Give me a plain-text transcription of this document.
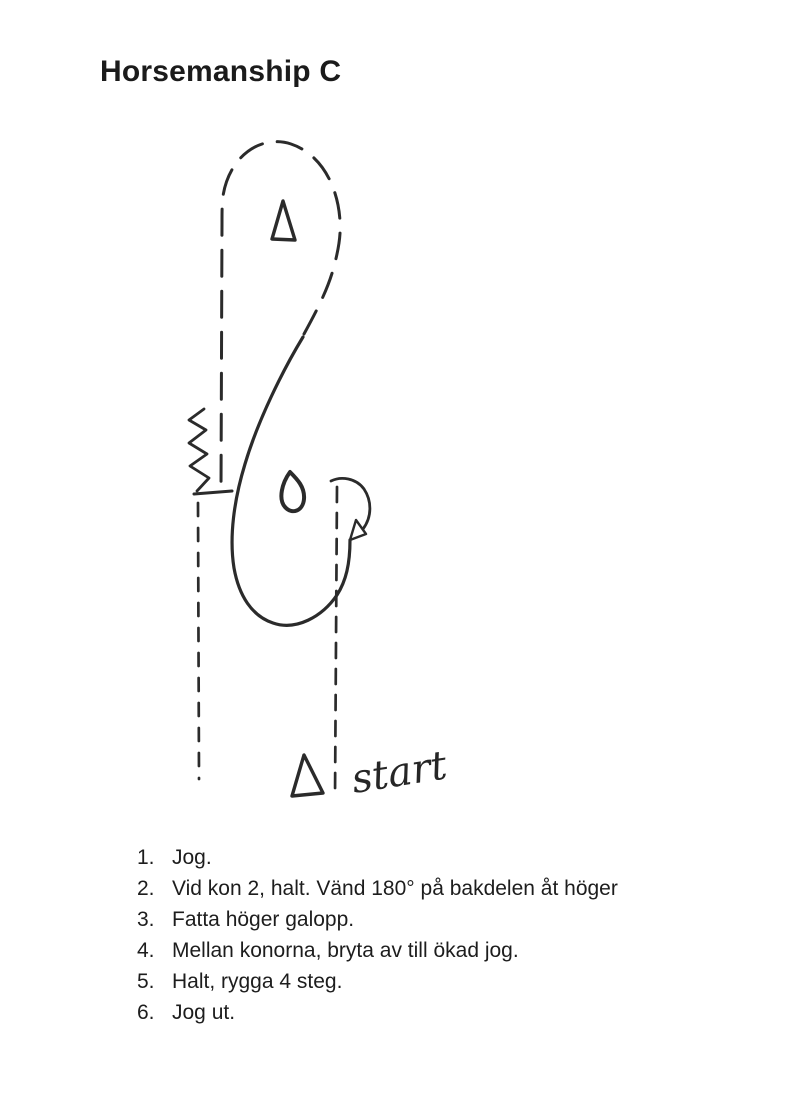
Horsemanship C
start
1. Jog.
2. Vid kon 2, halt. Vänd 180° på bakdelen åt höger
3. Fatta höger galopp.
4. Mellan konorna, bryta av till ökad jog.
5. Halt, rygga 4 steg.
6. Jog ut.
